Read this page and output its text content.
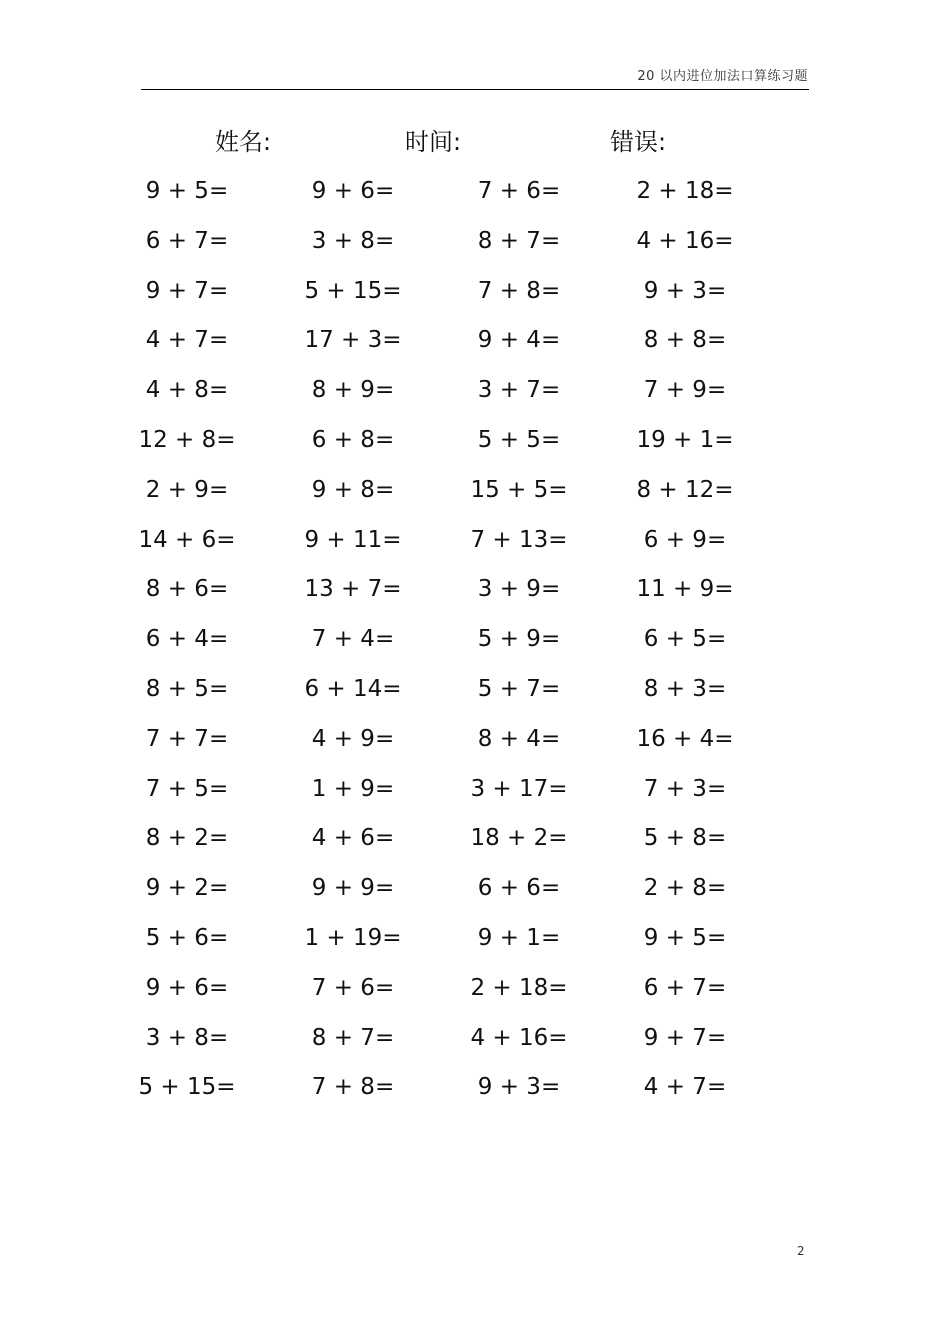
20 以内进位加法口算练习题
姓名:	时间:	错误:
9 + 5=	9 + 6=	7 + 6=	2 + 18=
6 + 7=	3 + 8=	8 + 7=	4 + 16=
9 + 7=	5 + 15=	7 + 8=	9 + 3=
4 + 7=	17 + 3=	9 + 4=	8 + 8=
4 + 8=	8 + 9=	3 + 7=	7 + 9=
12 + 8=	6 + 8=	5 + 5=	19 + 1=
2 + 9=	9 + 8=	15 + 5=	8 + 12=
14 + 6=	9 + 11=	7 + 13=	6 + 9=
8 + 6=	13 + 7=	3 + 9=	11 + 9=
6 + 4=	7 + 4=	5 + 9=	6 + 5=
8 + 5=	6 + 14=	5 + 7=	8 + 3=
7 + 7=	4 + 9=	8 + 4=	16 + 4=
7 + 5=	1 + 9=	3 + 17=	7 + 3=
8 + 2=	4 + 6=	18 + 2=	5 + 8=
9 + 2=	9 + 9=	6 + 6=	2 + 8=
5 + 6=	1 + 19=	9 + 1=	9 + 5=
9 + 6=	7 + 6=	2 + 18=	6 + 7=
3 + 8=	8 + 7=	4 + 16=	9 + 7=
5 + 15=	7 + 8=	9 + 3=	4 + 7=
2
